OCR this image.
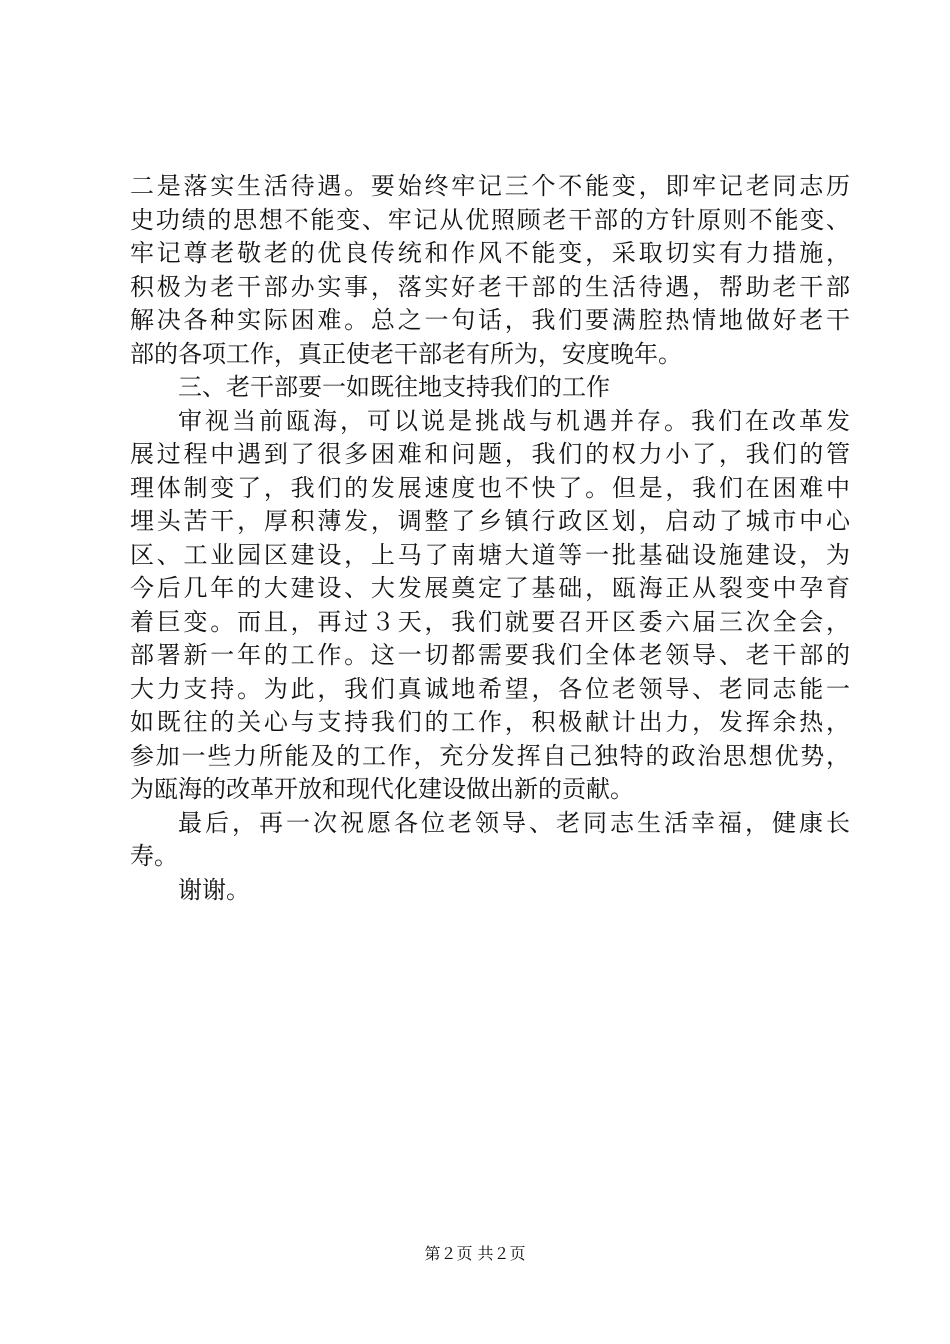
二是落实生活待遇。要始终牢记三个不能变，即牢记老同志历
史功绩的思想不能变、牢记从优照顾老干部的方针原则不能变、
牢记尊老敬老的优良传统和作风不能变，采取切实有力措施，
积极为老干部办实事，落实好老干部的生活待遇，帮助老干部
解决各种实际困难。总之一句话，我们要满腔热情地做好老干
部的各项工作，真正使老干部老有所为，安度晚年。
三、老干部要一如既往地支持我们的工作
审视当前瓯海，可以说是挑战与机遇并存。我们在改革发
展过程中遇到了很多困难和问题，我们的权力小了，我们的管
理体制变了，我们的发展速度也不快了。但是，我们在困难中
埋头苦干，厚积薄发，调整了乡镇行政区划，启动了城市中心
区、工业园区建设，上马了南塘大道等一批基础设施建设，为
今后几年的大建设、大发展奠定了基础，瓯海正从裂变中孕育
着巨变。而且，再过３天，我们就要召开区委六届三次全会，
部署新一年的工作。这一切都需要我们全体老领导、老干部的
大力支持。为此，我们真诚地希望，各位老领导、老同志能一
如既往的关心与支持我们的工作，积极献计出力，发挥余热，
参加一些力所能及的工作，充分发挥自己独特的政治思想优势，
为瓯海的改革开放和现代化建设做出新的贡献。
最后，再一次祝愿各位老领导、老同志生活幸福，健康长
寿。
谢谢。
第２页 共２页
